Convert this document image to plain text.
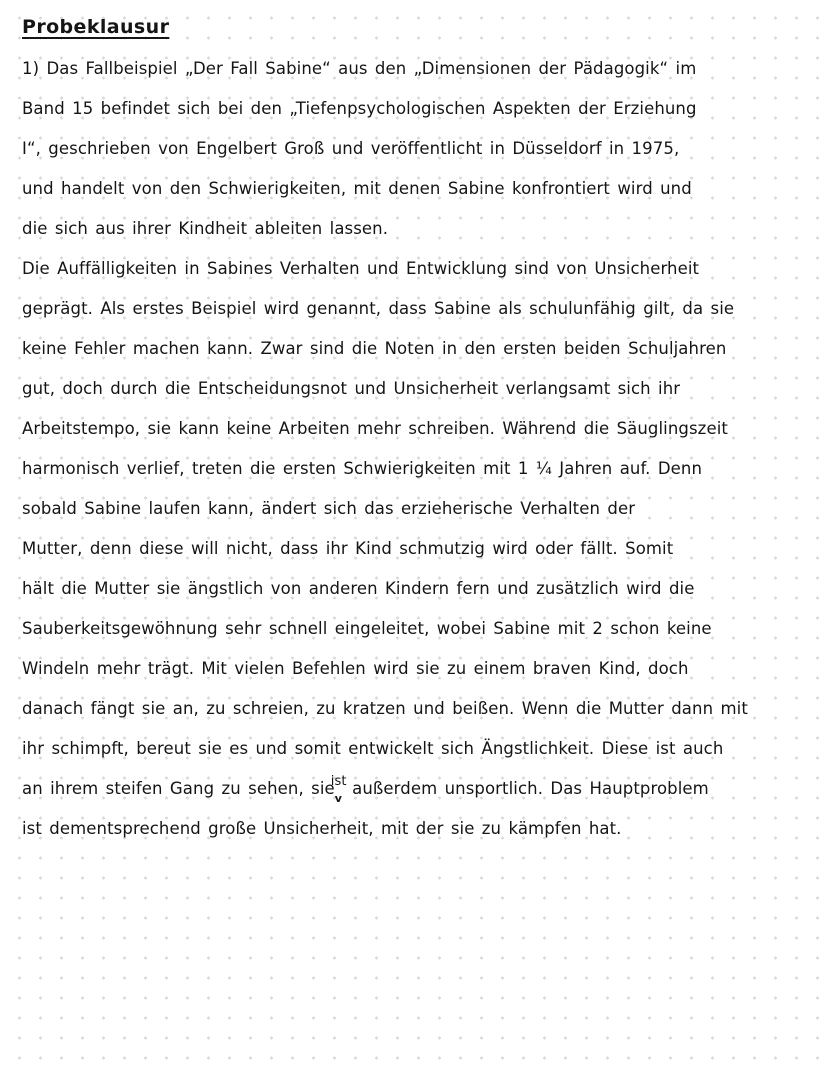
Probeklausur
1) Das Fallbeispiel „Der Fall Sabine“ aus den „Dimensionen der Pädagogik“ im
Band 15 befindet sich bei den „Tiefenpsychologischen Aspekten der Erziehung
I“, geschrieben von Engelbert Groß und veröffentlicht in Düsseldorf in 1975,
und handelt von den Schwierigkeiten, mit denen Sabine konfrontiert wird und
die sich aus ihrer Kindheit ableiten lassen.
Die Auffälligkeiten in Sabines Verhalten und Entwicklung sind von Unsicherheit
geprägt. Als erstes Beispiel wird genannt, dass Sabine als schulunfähig gilt, da sie
keine Fehler machen kann. Zwar sind die Noten in den ersten beiden Schuljahren
gut, doch durch die Entscheidungsnot und Unsicherheit verlangsamt sich ihr
Arbeitstempo, sie kann keine Arbeiten mehr schreiben. Während die Säuglingszeit
harmonisch verlief, treten die ersten Schwierigkeiten mit 1 ¼ Jahren auf. Denn
sobald Sabine laufen kann, ändert sich das erzieherische Verhalten der
Mutter, denn diese will nicht, dass ihr Kind schmutzig wird oder fällt. Somit
hält die Mutter sie ängstlich von anderen Kindern fern und zusätzlich wird die
Sauberkeitsgewöhnung sehr schnell eingeleitet, wobei Sabine mit 2 schon keine
Windeln mehr trägt. Mit vielen Befehlen wird sie zu einem braven Kind, doch
danach fängt sie an, zu schreien, zu kratzen und beißen. Wenn die Mutter dann mit
ihr schimpft, bereut sie es und somit entwickelt sich Ängstlichkeit. Diese ist auch
an ihrem steifen Gang zu sehen, sie
v
ist
außerdem unsportlich. Das Hauptproblem
ist dementsprechend große Unsicherheit, mit der sie zu kämpfen hat.
